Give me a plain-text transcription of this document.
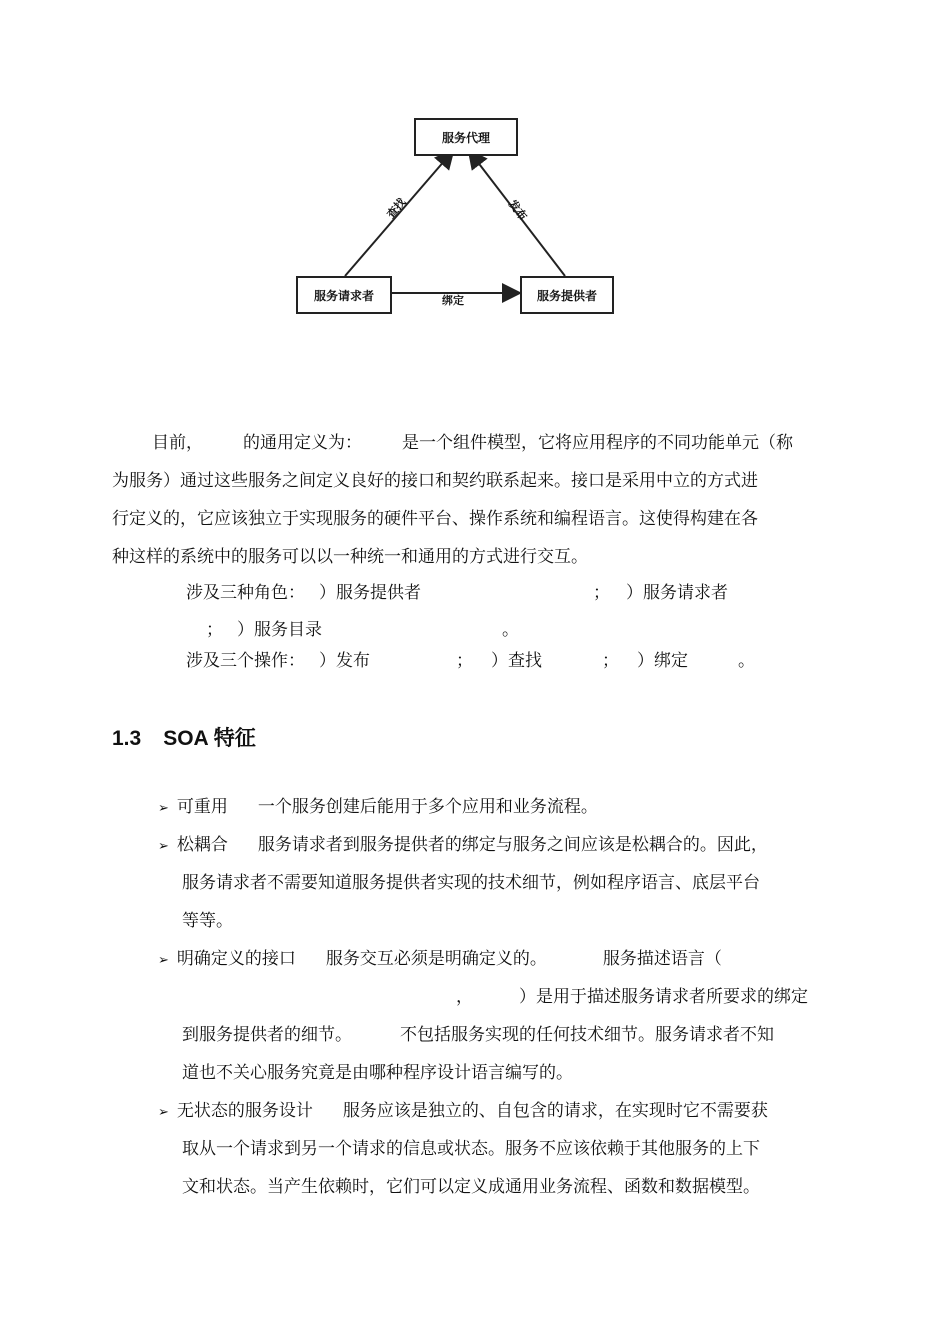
服务代理
服务请求者	服务提供者
查找	发布
绑定
目前， 的通用定义为： 是一个组件模型，它将应用程序的不同功能单元（称
为服务）通过这些服务之间定义良好的接口和契约联系起来。接口是采用中立的方式进
行定义的，它应该独立于实现服务的硬件平台、操作系统和编程语言。这使得构建在各
种这样的系统中的服务可以以一种统一和通用的方式进行交互。
涉及三种角色： ）服务提供者	； ）服务请求者
； ）服务目录	。
涉及三个操作： ）发布	； ）查找	； ）绑定	。
1.3 SOA 特征
➢ 可重用 一个服务创建后能用于多个应用和业务流程。
➢ 松耦合 服务请求者到服务提供者的绑定与服务之间应该是松耦合的。因此，
服务请求者不需要知道服务提供者实现的技术细节，例如程序语言、底层平台
等等。
➢ 明确定义的接口 服务交互必须是明确定义的。	服务描述语言（
，	）是用于描述服务请求者所要求的绑定
到服务提供者的细节。	不包括服务实现的任何技术细节。服务请求者不知
道也不关心服务究竟是由哪种程序设计语言编写的。
➢ 无状态的服务设计 服务应该是独立的、自包含的请求，在实现时它不需要获
取从一个请求到另一个请求的信息或状态。服务不应该依赖于其他服务的上下
文和状态。当产生依赖时，它们可以定义成通用业务流程、函数和数据模型。
